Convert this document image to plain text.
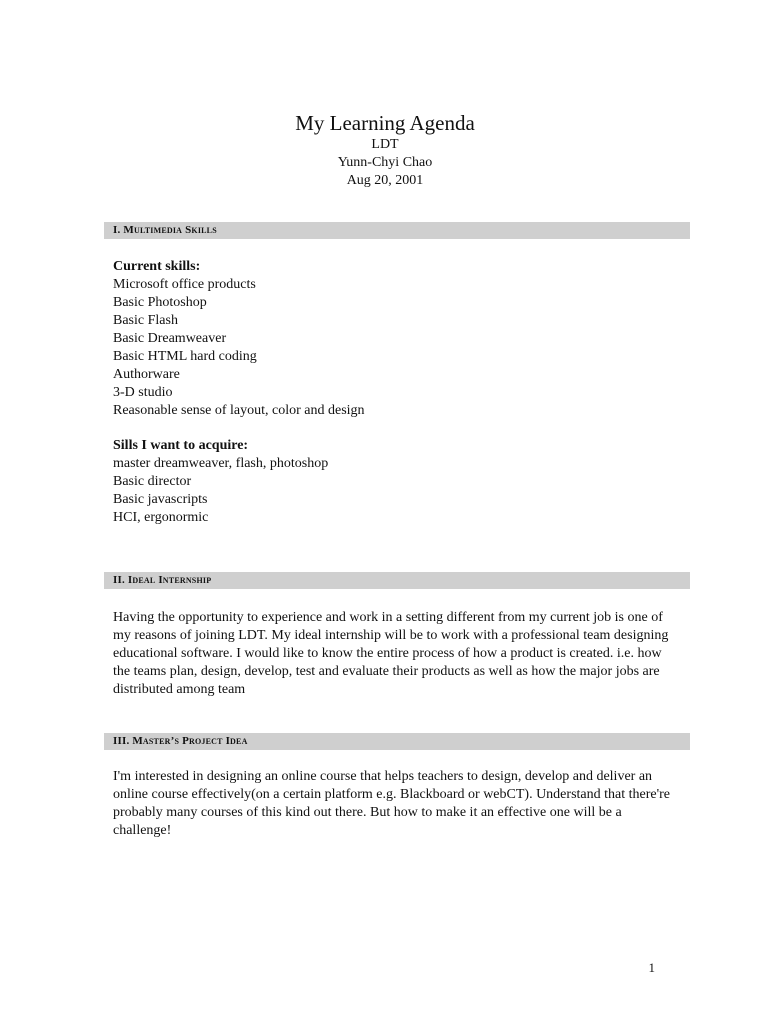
My Learning Agenda

LDT

Yunn-Chyi Chao

Aug 20, 2001

I. Multimedia Skills

Current skills:

Microsoft office products

Basic Photoshop

Basic Flash

Basic Dreamweaver

Basic HTML hard coding

Authorware

3-D studio

Reasonable sense of layout, color and design

Sills I want to acquire:

master dreamweaver, flash, photoshop

Basic director

Basic javascripts

HCI, ergonormic

II. Ideal Internship

Having the opportunity to experience and work in a setting different from my current job is one of my reasons of joining LDT. My ideal internship will be to work with a professional team designing educational software. I would like to know the entire process of how a product is created. i.e. how the teams plan, design, develop, test and evaluate their products as well as how the major jobs are distributed among team

III. Master’s Project Idea

I'm interested in designing an online course that helps teachers to design, develop and deliver an online course effectively(on a certain platform e.g. Blackboard or webCT). Understand that there're probably many courses of this kind out there. But how to make it an effective one will be a challenge!

1
